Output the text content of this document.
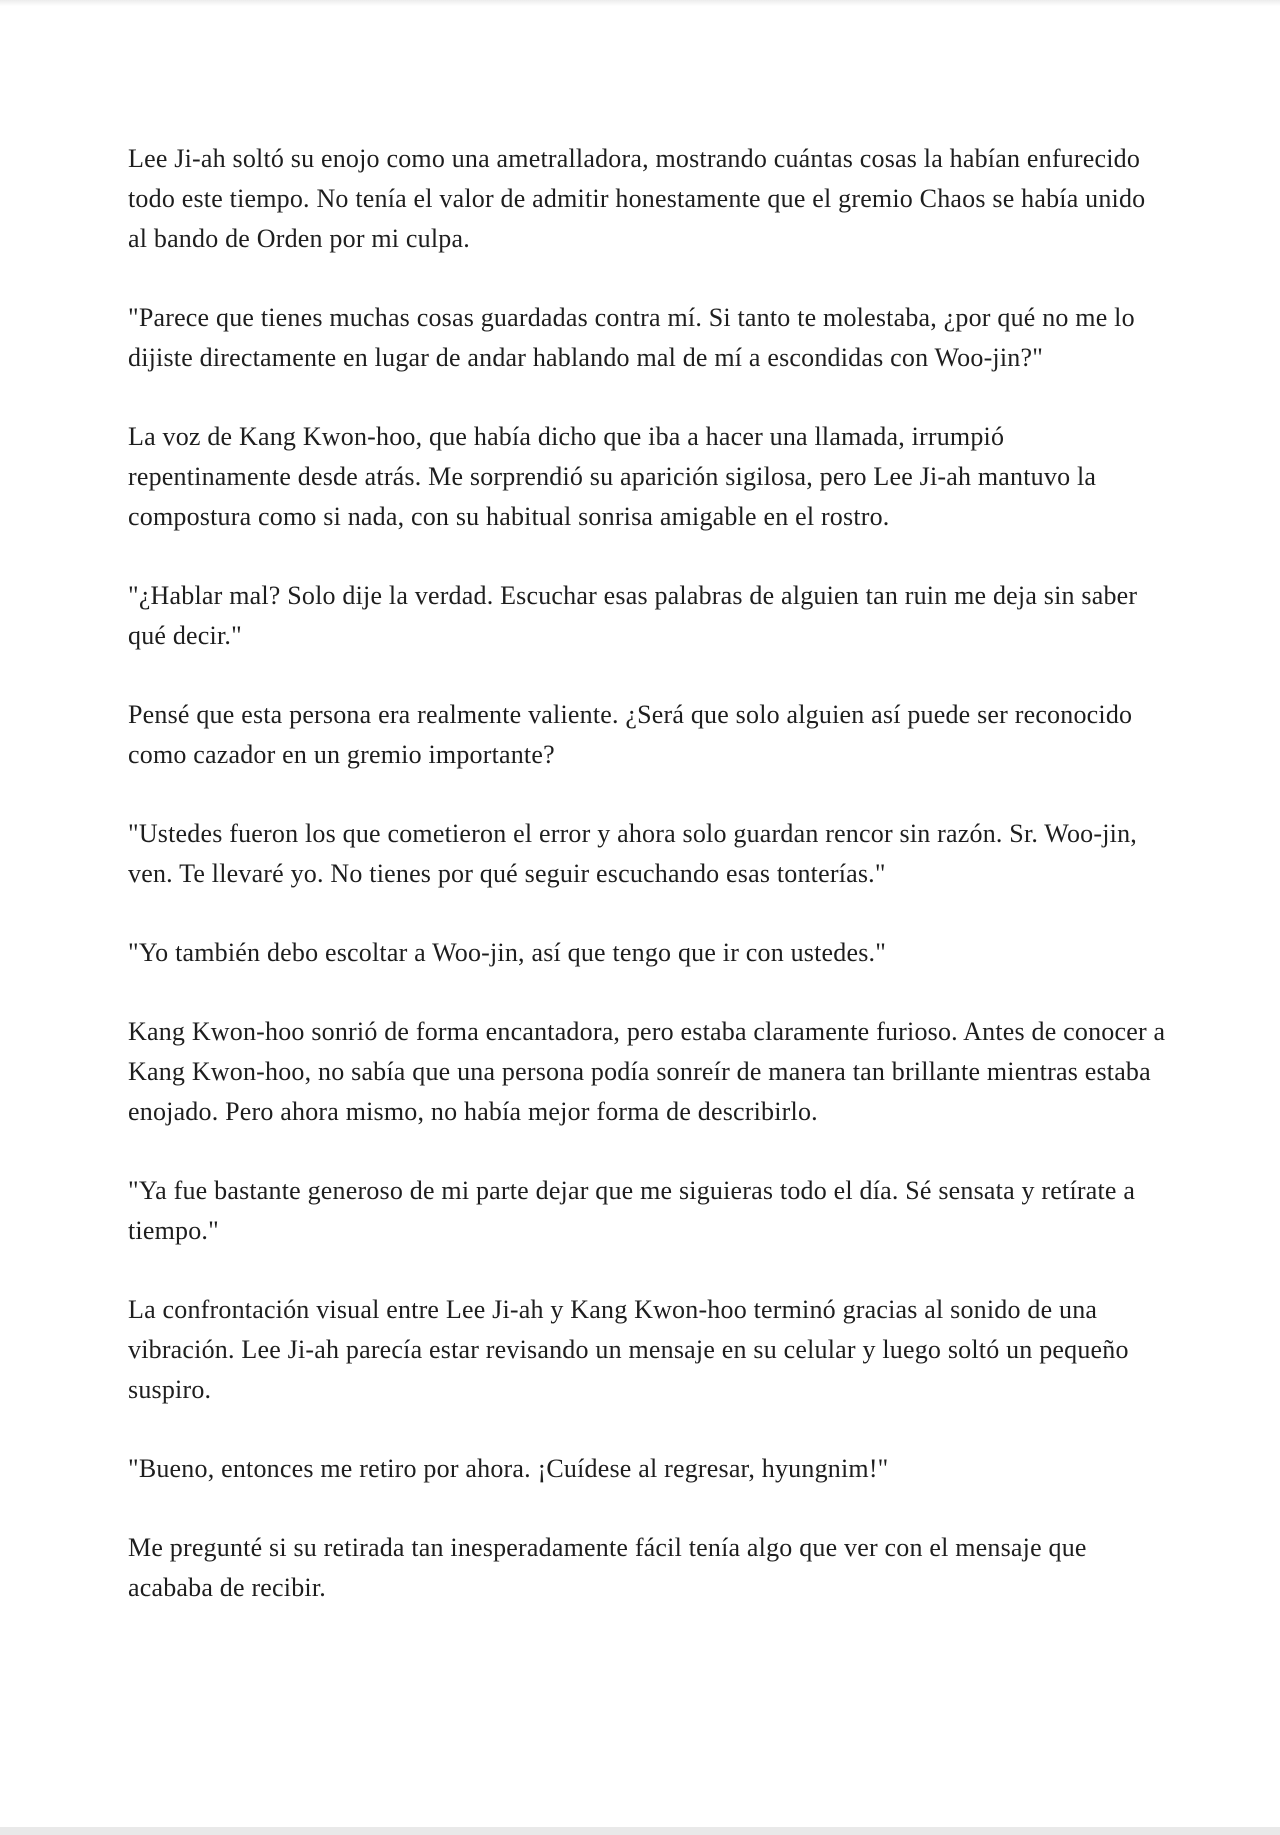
Lee Ji-ah soltó su enojo como una ametralladora, mostrando cuántas cosas la habían enfurecido todo este tiempo. No tenía el valor de admitir honestamente que el gremio Chaos se había unido al bando de Orden por mi culpa.

"Parece que tienes muchas cosas guardadas contra mí. Si tanto te molestaba, ¿por qué no me lo dijiste directamente en lugar de andar hablando mal de mí a escondidas con Woo-jin?"

La voz de Kang Kwon-hoo, que había dicho que iba a hacer una llamada, irrumpió repentinamente desde atrás. Me sorprendió su aparición sigilosa, pero Lee Ji-ah mantuvo la compostura como si nada, con su habitual sonrisa amigable en el rostro.

"¿Hablar mal? Solo dije la verdad. Escuchar esas palabras de alguien tan ruin me deja sin saber qué decir."

Pensé que esta persona era realmente valiente. ¿Será que solo alguien así puede ser reconocido como cazador en un gremio importante?

"Ustedes fueron los que cometieron el error y ahora solo guardan rencor sin razón. Sr. Woo-jin, ven. Te llevaré yo. No tienes por qué seguir escuchando esas tonterías."

"Yo también debo escoltar a Woo-jin, así que tengo que ir con ustedes."

Kang Kwon-hoo sonrió de forma encantadora, pero estaba claramente furioso. Antes de conocer a Kang Kwon-hoo, no sabía que una persona podía sonreír de manera tan brillante mientras estaba enojado. Pero ahora mismo, no había mejor forma de describirlo.

"Ya fue bastante generoso de mi parte dejar que me siguieras todo el día. Sé sensata y retírate a tiempo."

La confrontación visual entre Lee Ji-ah y Kang Kwon-hoo terminó gracias al sonido de una vibración. Lee Ji-ah parecía estar revisando un mensaje en su celular y luego soltó un pequeño suspiro.

"Bueno, entonces me retiro por ahora. ¡Cuídese al regresar, hyungnim!"

Me pregunté si su retirada tan inesperadamente fácil tenía algo que ver con el mensaje que acababa de recibir.
